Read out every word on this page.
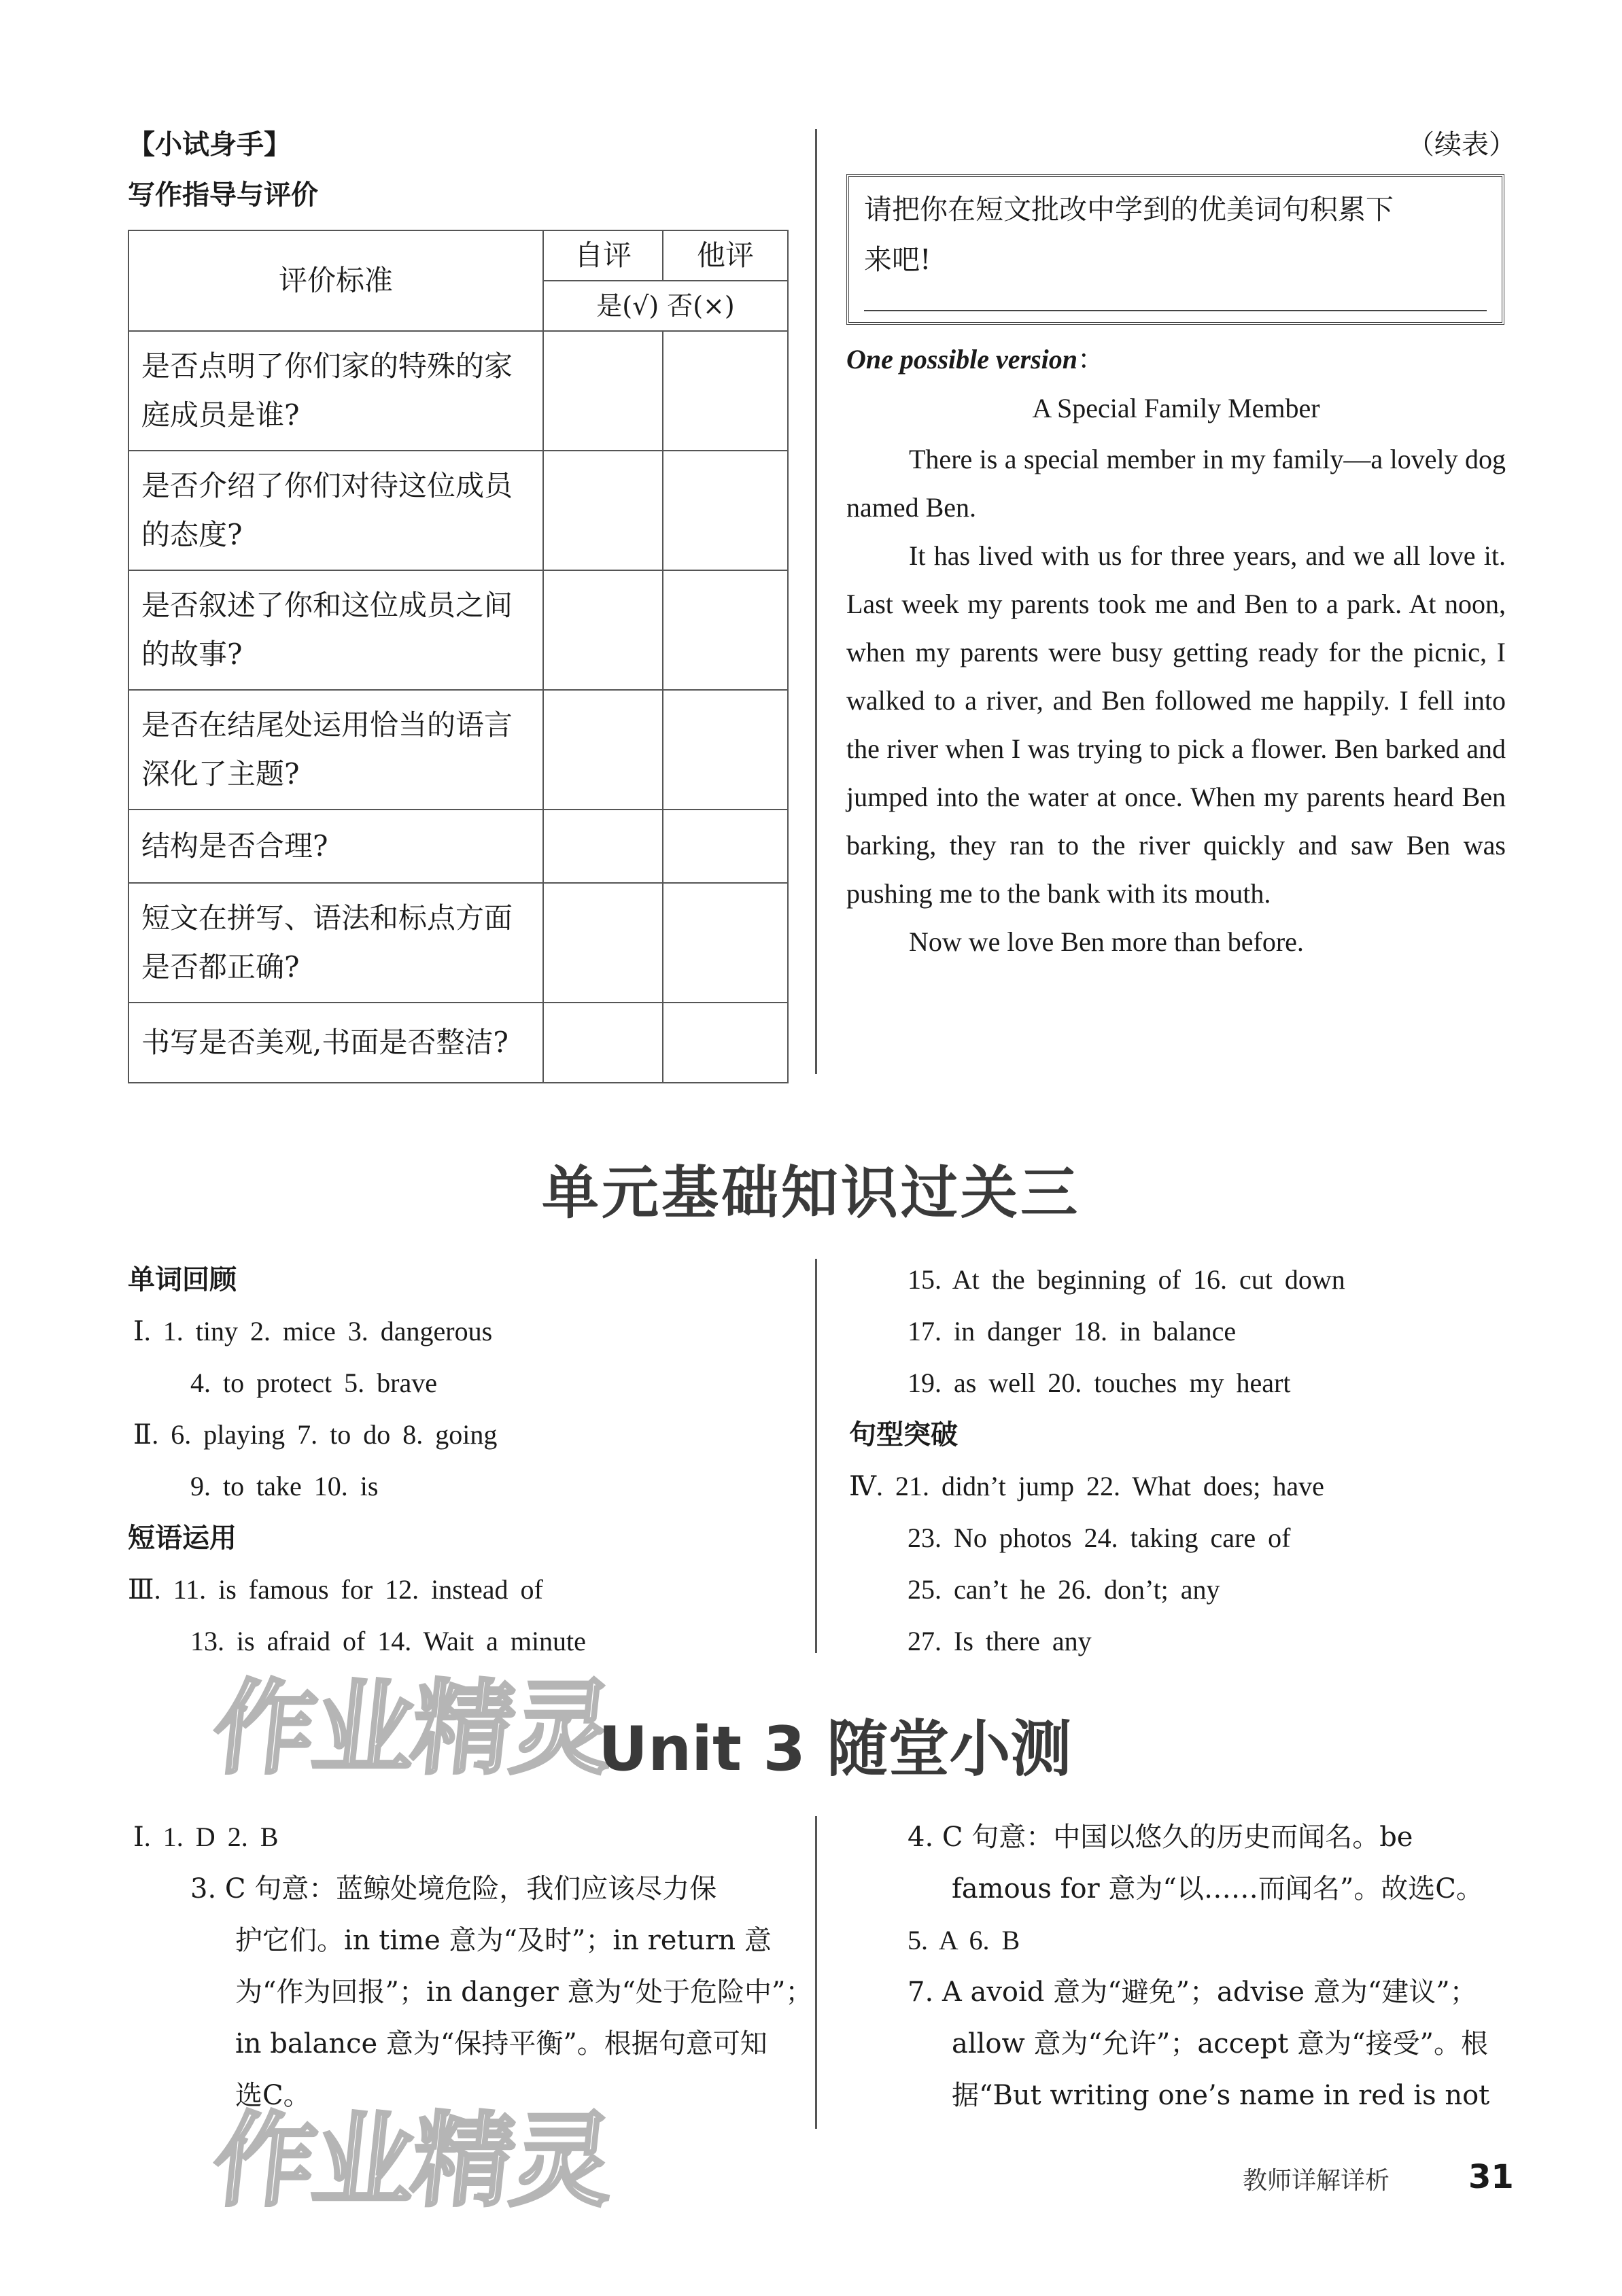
【小试身手】
写作指导与评价
（续表）
评价标准	自评	他评
	是(√) 否(×)	
是否点明了你们家的特殊的家
庭成员是谁?		
是否介绍了你们对待这位成员
的态度?		
是否叙述了你和这位成员之间
的故事?		
是否在结尾处运用恰当的语言
深化了主题?		
结构是否合理?		
短文在拼写、语法和标点方面
是否都正确?		
书写是否美观,书面是否整洁?		
请把你在短文批改中学到的优美词句积累下
来吧!
One possible version：
A Special Family Member

There is a special member in my family—a lovely dog named Ben.

It has lived with us for three years, and we all love it. Last week my parents took me and Ben to a park. At noon, when my parents were busy getting ready for the picnic, I walked to a river, and Ben followed me happily. I fell into the river when I was trying to pick a flower. Ben barked and jumped into the water at once. When my parents heard Ben barking, they ran to the river quickly and saw Ben was pushing me to the bank with its mouth.

Now we love Ben more than before.

单元基础知识过关三
单词回顾
Ⅰ. 1. tiny 2. mice 3. dangerous
4. to protect 5. brave
Ⅱ. 6. playing 7. to do 8. going
9. to take 10. is
短语运用
Ⅲ. 11. is famous for 12. instead of
13. is afraid of 14. Wait a minute
15. At the beginning of 16. cut down
17. in danger 18. in balance
19. as well 20. touches my heart
句型突破
Ⅳ. 21. didn’t jump 22. What does; have
23. No photos 24. taking care of
25. can’t he 26. don’t; any
27. Is there any
作业精灵
Unit 3 随堂小测
Ⅰ. 1. D 2. B
3. C 句意：蓝鲸处境危险，我们应该尽力保
护它们。in time 意为“及时”；in return 意
为“作为回报”；in danger 意为“处于危险中”；
in balance 意为“保持平衡”。根据句意可知
选C。
4. C 句意：中国以悠久的历史而闻名。be
famous for 意为“以……而闻名”。故选C。
5. A 6. B
7. A avoid 意为“避免”；advise 意为“建议”；
allow 意为“允许”；accept 意为“接受”。根
据“But writing one’s name in red is not
作业精灵	教师详解详析 31
